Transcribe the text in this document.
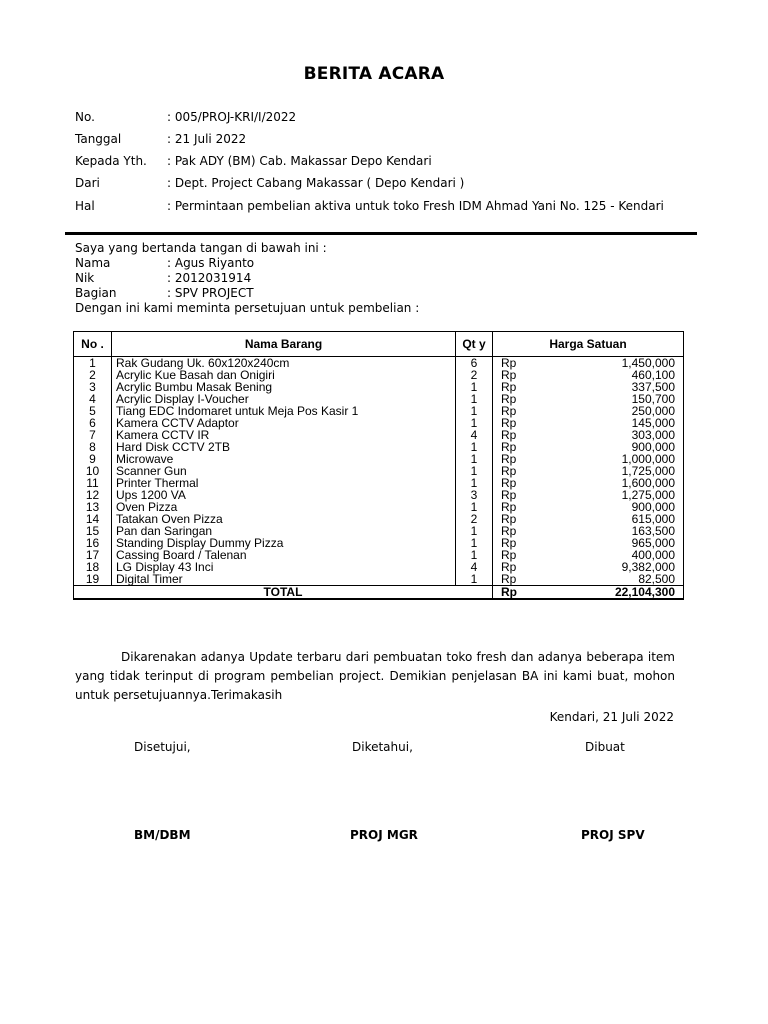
BERITA ACARA
No.	: 005/PROJ-KRI/I/2022
Tanggal	: 21 Juli 2022
Kepada Yth. : Pak ADY (BM) Cab. Makassar Depo Kendari
Dari	: Dept. Project Cabang Makassar ( Depo Kendari )
Hal	: Permintaan pembelian aktiva untuk toko Fresh IDM Ahmad Yani No. 125 - Kendari
Saya yang bertanda tangan di bawah ini :
Nama	: Agus Riyanto
Nik	: 2012031914
Bagian	: SPV PROJECT
Dengan ini kami meminta persetujuan untuk pembelian :
No .	Nama Barang	Qt y	Harga Satuan	
1	Rak Gudang Uk. 60x120x240cm	6	Rp	1,450,000
2	Acrylic Kue Basah dan Onigiri	2	Rp	460,100
3	Acrylic Bumbu Masak Bening	1	Rp	337,500
4	Acrylic Display I-Voucher	1	Rp	150,700
5	Tiang EDC Indomaret untuk Meja Pos Kasir 1	1	Rp	250,000
6	Kamera CCTV Adaptor	1	Rp	145,000
7	Kamera CCTV IR	4	Rp	303,000
8	Hard Disk CCTV 2TB	1	Rp	900,000
9	Microwave	1	Rp	1,000,000
10	Scanner Gun	1	Rp	1,725,000
11	Printer Thermal	1	Rp	1,600,000
12	Ups 1200 VA	3	Rp	1,275,000
13	Oven Pizza	1	Rp	900,000
14	Tatakan Oven Pizza	2	Rp	615,000
15	Pan dan Saringan	1	Rp	163,500
16	Standing Display Dummy Pizza	1	Rp	965,000
17	Cassing Board / Talenan	1	Rp	400,000
18	LG Display 43 Inci	4	Rp	9,382,000
19	Digital Timer	1	Rp	82,500
TOTAL			Rp	22,104,300
Dikarenakan adanya Update terbaru dari pembuatan toko fresh dan adanya beberapa item yang tidak terinput di program pembelian project. Demikian penjelasan BA ini kami buat, mohon untuk persetujuannya.Terimakasih
Kendari, 21 Juli 2022
Disetujui,	Diketahui,	Dibuat
BM/DBM	PROJ MGR	PROJ SPV
